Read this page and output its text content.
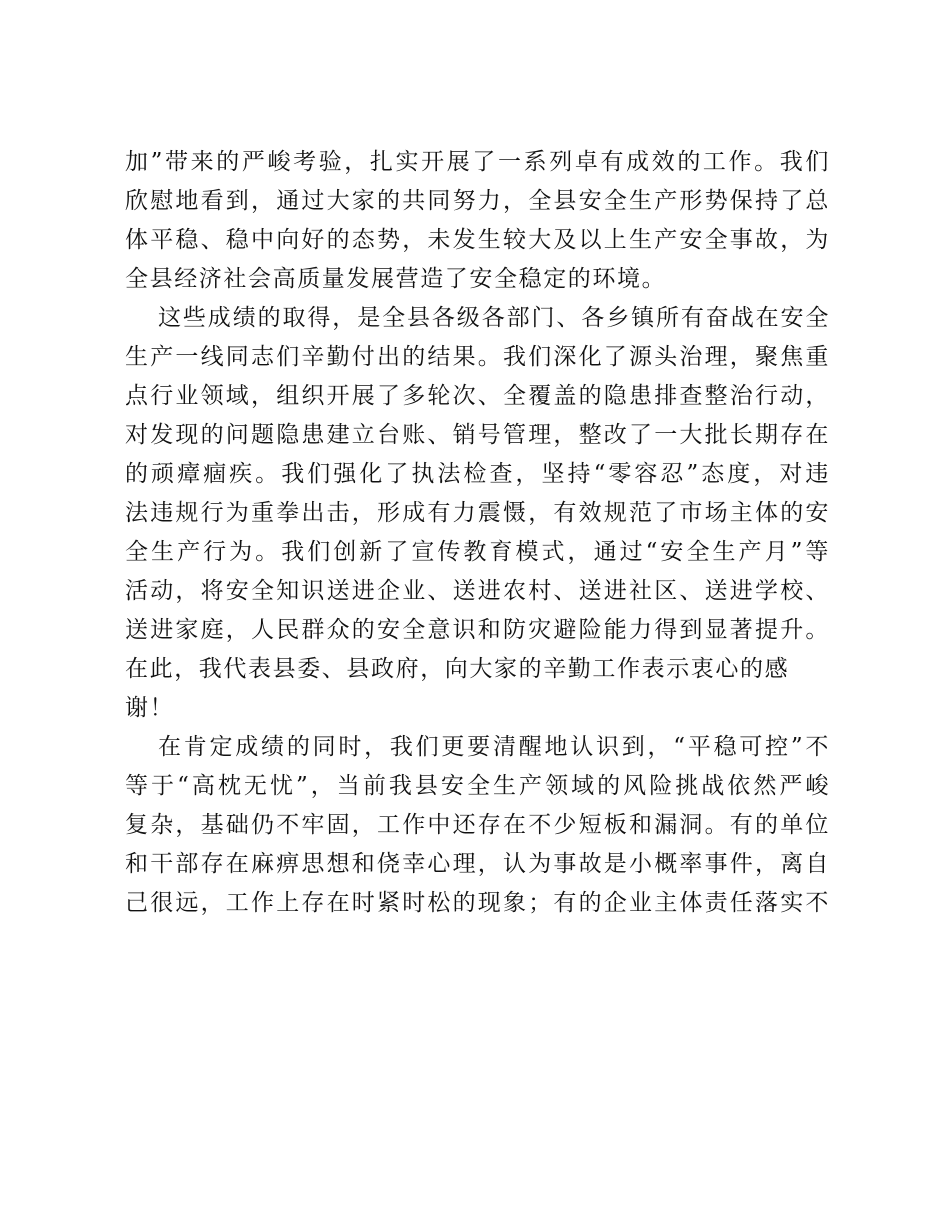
加”带来的严峻考验，扎实开展了一系列卓有成效的工作。我们
欣慰地看到，通过大家的共同努力，全县安全生产形势保持了总
体平稳、稳中向好的态势，未发生较大及以上生产安全事故，为
全县经济社会高质量发展营造了安全稳定的环境。
这些成绩的取得，是全县各级各部门、各乡镇所有奋战在安全
生产一线同志们辛勤付出的结果。我们深化了源头治理，聚焦重
点行业领域，组织开展了多轮次、全覆盖的隐患排查整治行动，
对发现的问题隐患建立台账、销号管理，整改了一大批长期存在
的顽瘴痼疾。我们强化了执法检查，坚持“零容忍”态度，对违
法违规行为重拳出击，形成有力震慑，有效规范了市场主体的安
全生产行为。我们创新了宣传教育模式，通过“安全生产月”等
活动，将安全知识送进企业、送进农村、送进社区、送进学校、
送进家庭，人民群众的安全意识和防灾避险能力得到显著提升。
在此，我代表县委、县政府，向大家的辛勤工作表示衷心的感
谢！
在肯定成绩的同时，我们更要清醒地认识到，“平稳可控”不
等于“高枕无忧”，当前我县安全生产领域的风险挑战依然严峻
复杂，基础仍不牢固，工作中还存在不少短板和漏洞。有的单位
和干部存在麻痹思想和侥幸心理，认为事故是小概率事件，离自
己很远，工作上存在时紧时松的现象；有的企业主体责任落实不
